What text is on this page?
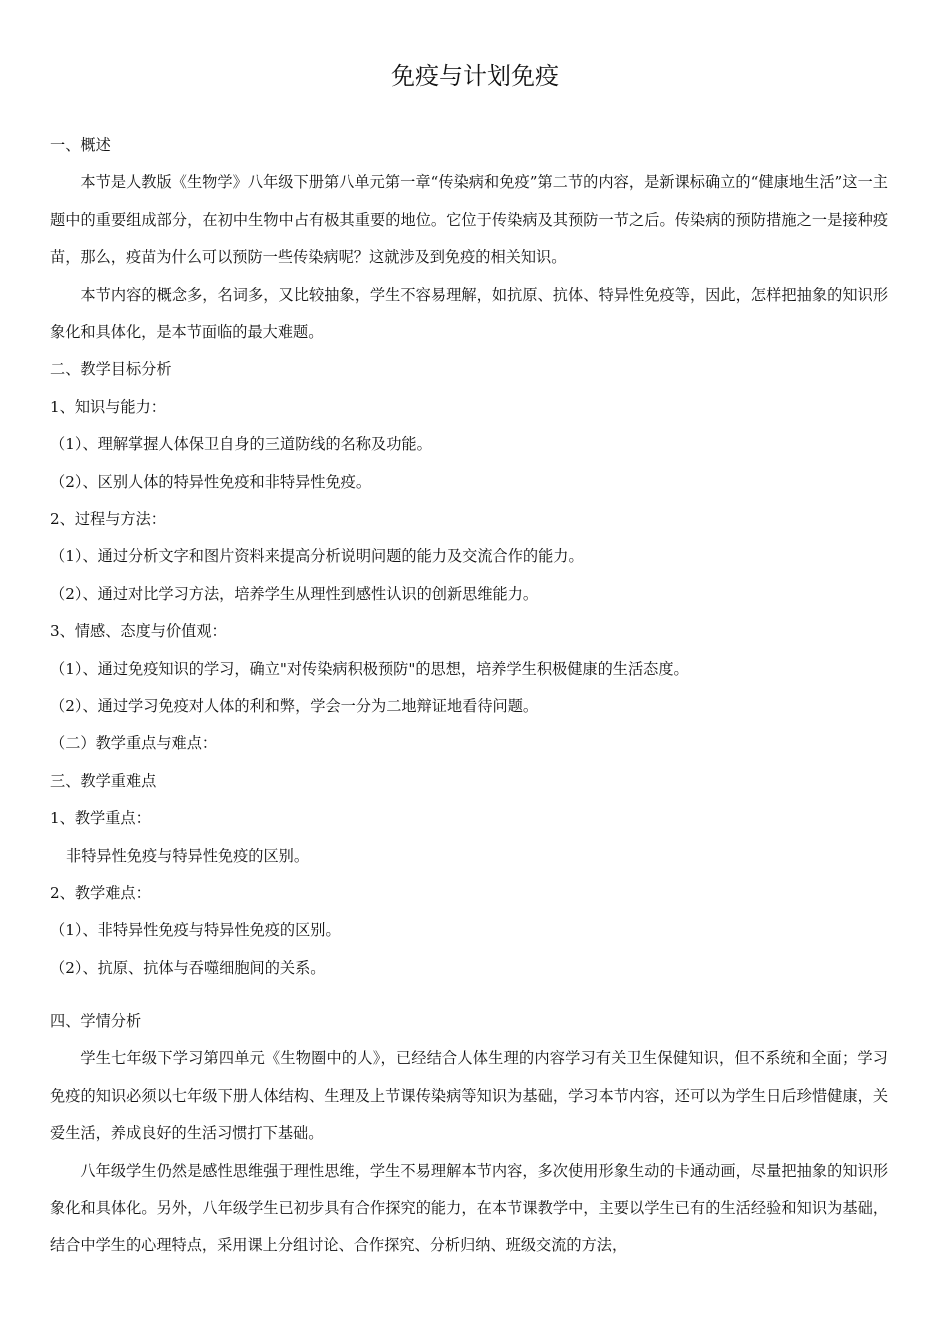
免疫与计划免疫
一、概述

本节是人教版《生物学》八年级下册第八单元第一章“传染病和免疫”第二节的内容，是新课标确立的“健康地生活”这一主题中的重要组成部分，在初中生物中占有极其重要的地位。它位于传染病及其预防一节之后。传染病的预防措施之一是接种疫苗，那么，疫苗为什么可以预防一些传染病呢？这就涉及到免疫的相关知识。

本节内容的概念多，名词多，又比较抽象，学生不容易理解，如抗原、抗体、特异性免疫等，因此，怎样把抽象的知识形象化和具体化，是本节面临的最大难题。

二、教学目标分析
1、知识与能力：
（1）、理解掌握人体保卫自身的三道防线的名称及功能。
（2）、区别人体的特异性免疫和非特异性免疫。
2、过程与方法：
（1）、通过分析文字和图片资料来提高分析说明问题的能力及交流合作的能力。
（2）、通过对比学习方法，培养学生从理性到感性认识的创新思维能力。
3、情感、态度与价值观：
（1）、通过免疫知识的学习，确立"对传染病积极预防"的思想，培养学生积极健康的生活态度。
（2）、通过学习免疫对人体的利和弊，学会一分为二地辩证地看待问题。
（二）教学重点与难点：
三、教学重难点
1、教学重点：
非特异性免疫与特异性免疫的区别。
2、教学难点：
（1）、非特异性免疫与特异性免疫的区别。
（2）、抗原、抗体与吞噬细胞间的关系。
四、学情分析

学生七年级下学习第四单元《生物圈中的人》，已经结合人体生理的内容学习有关卫生保健知识，但不系统和全面；学习免疫的知识必须以七年级下册人体结构、生理及上节课传染病等知识为基础，学习本节内容，还可以为学生日后珍惜健康，关爱生活，养成良好的生活习惯打下基础。

八年级学生仍然是感性思维强于理性思维，学生不易理解本节内容，多次使用形象生动的卡通动画，尽量把抽象的知识形象化和具体化。另外，八年级学生已初步具有合作探究的能力，在本节课教学中，主要以学生已有的生活经验和知识为基础，结合中学生的心理特点，采用课上分组讨论、合作探究、分析归纳、班级交流的方法，
